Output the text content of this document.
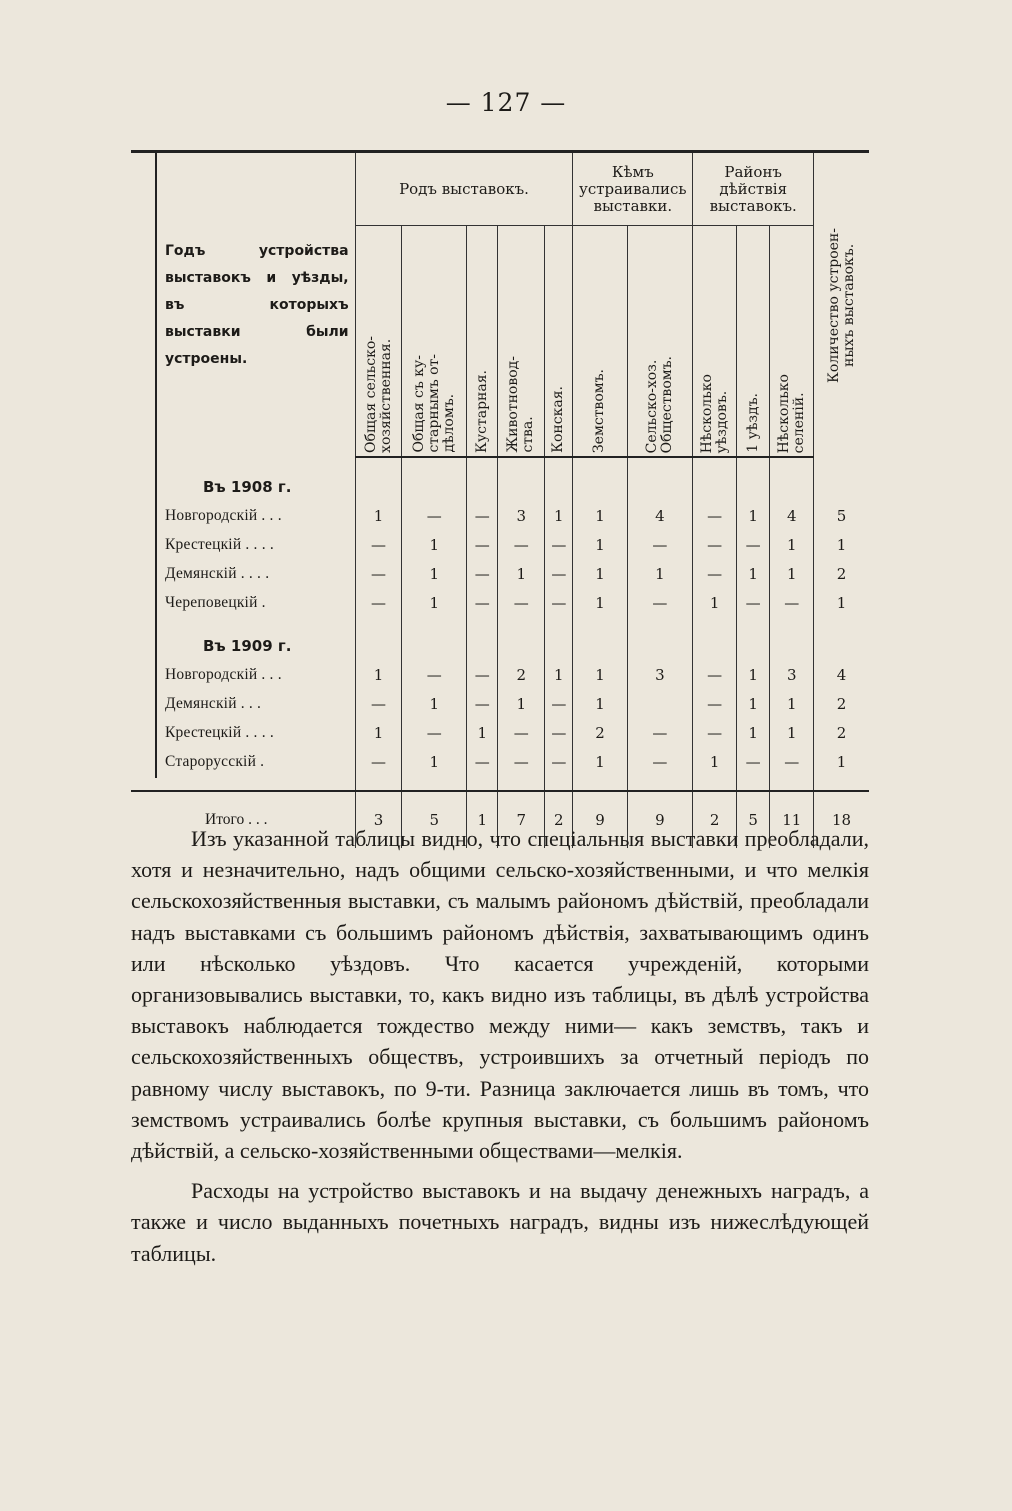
— 127 —
Годъ устройства выставокъ и уѣзды, въ которыхъ выставки были устроены.	Родъ выставокъ.					Кѣмъ устраивались выставки.		Районъ дѣйствія выставокъ.			Количество устроен-
ныхъ выставокъ.

	Общая сельско-
хозяйственная.	Общая съ ку-
старнымъ от-
дѣломъ.	Кустарная.	Животновод-
ства.	Конская.	Земствомъ.	Сельско-хоз.
Обществомъ.	Нѣсколько
уѣздовъ.	1 уѣздъ.	Нѣсколько
селеній.	

Въ 1908 г.											
Новгородскій . . .	1	—	—	3	1	1	4	—	1	4	5
Крестецкій . . . .	—	1	—	—	—	1	—	—	—	1	1
Демянскій . . . .	—	1	—	1	—	1	1	—	1	1	2
Череповецкій .	—	1	—	—	—	1	—	1	—	—	1

Въ 1909 г.											
Новгородскій . . .	1	—	—	2	1	1	3	—	1	3	4
Демянскій . . .	—	1	—	1	—	1		—	1	1	2
Крестецкій . . . .	1	—	1	—	—	2	—	—	1	1	2
Старорусскій .	—	1	—	—	—	1	—	1	—	—	1

Итого . . .	3	5	1	7	2	9	9	2	5	11	18

Изъ указанной таблицы видно, что спеціальныя выставки преобладали, хотя и незначительно, надъ общими сельско-хозяйственными, и что мелкія сельскохозяйственныя выставки, съ малымъ райономъ дѣйствій, преобладали надъ выставками съ большимъ райономъ дѣйствія, захватывающимъ одинъ или нѣсколько уѣздовъ. Что касается учрежденій, которыми организовывались выставки, то, какъ видно изъ таблицы, въ дѣлѣ устройства выставокъ наблюдается тождество между ними— какъ земствъ, такъ и сельскохозяйственныхъ обществъ, устроившихъ за отчетный періодъ по равному числу выставокъ, по 9-ти. Разница заключается лишь въ томъ, что земствомъ устраивались болѣе крупныя выставки, съ большимъ райономъ дѣйствій, а сельско-хозяйственными обществами—мелкія.

Расходы на устройство выставокъ и на выдачу денежныхъ наградъ, а также и число выданныхъ почетныхъ наградъ, видны изъ нижеслѣдующей таблицы.
